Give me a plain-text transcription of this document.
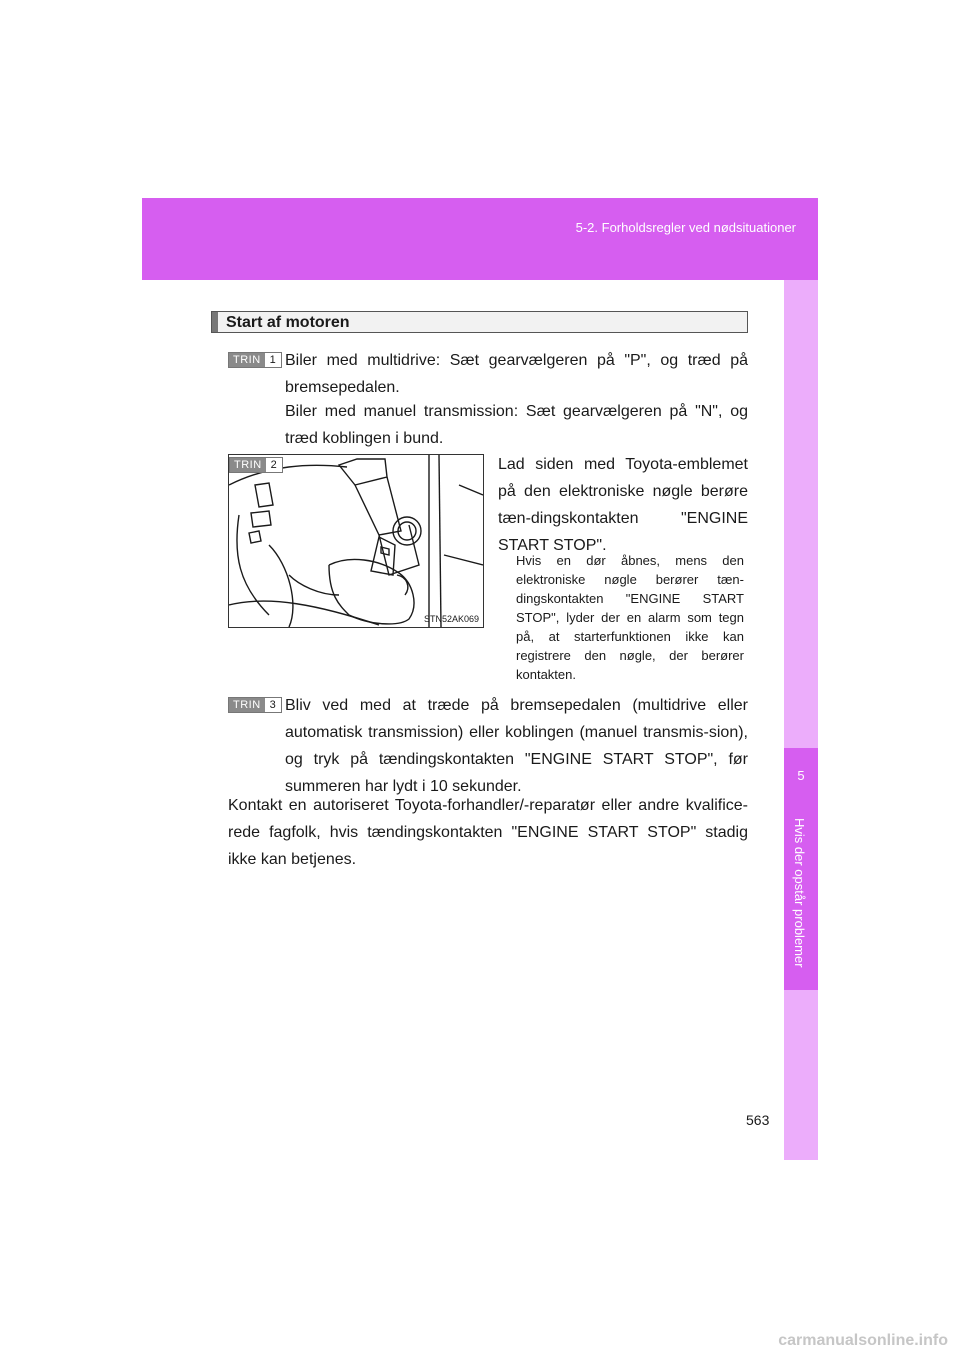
5-2. Forholdsregler ved nødsituationer
5
Hvis der opstår problemer
Start af motoren
TRIN 1 Biler med multidrive: Sæt gearvælgeren på "P", og træd på bremsepedalen.

Biler med manuel transmission: Sæt gearvælgeren på "N", og træd koblingen i bund.

TRIN 2
STN52AK069

Lad siden med Toyota-emblemet på den elektroniske nøgle berøre tæn-dingskontakten "ENGINE START STOP".

Hvis en dør åbnes, mens den elektroniske nøgle berører tæn-dingskontakten "ENGINE START STOP", lyder der en alarm som tegn på, at starterfunktionen ikke kan registrere den nøgle, der berører kontakten.

TRIN 3 Bliv ved med at træde på bremsepedalen (multidrive eller automatisk transmission) eller koblingen (manuel transmis-sion), og tryk på tændingskontakten "ENGINE START STOP", før summeren har lydt i 10 sekunder.

Kontakt en autoriseret Toyota-forhandler/-reparatør eller andre kvalifice-rede fagfolk, hvis tændingskontakten "ENGINE START STOP" stadig ikke kan betjenes.

563
carmanualsonline.info
